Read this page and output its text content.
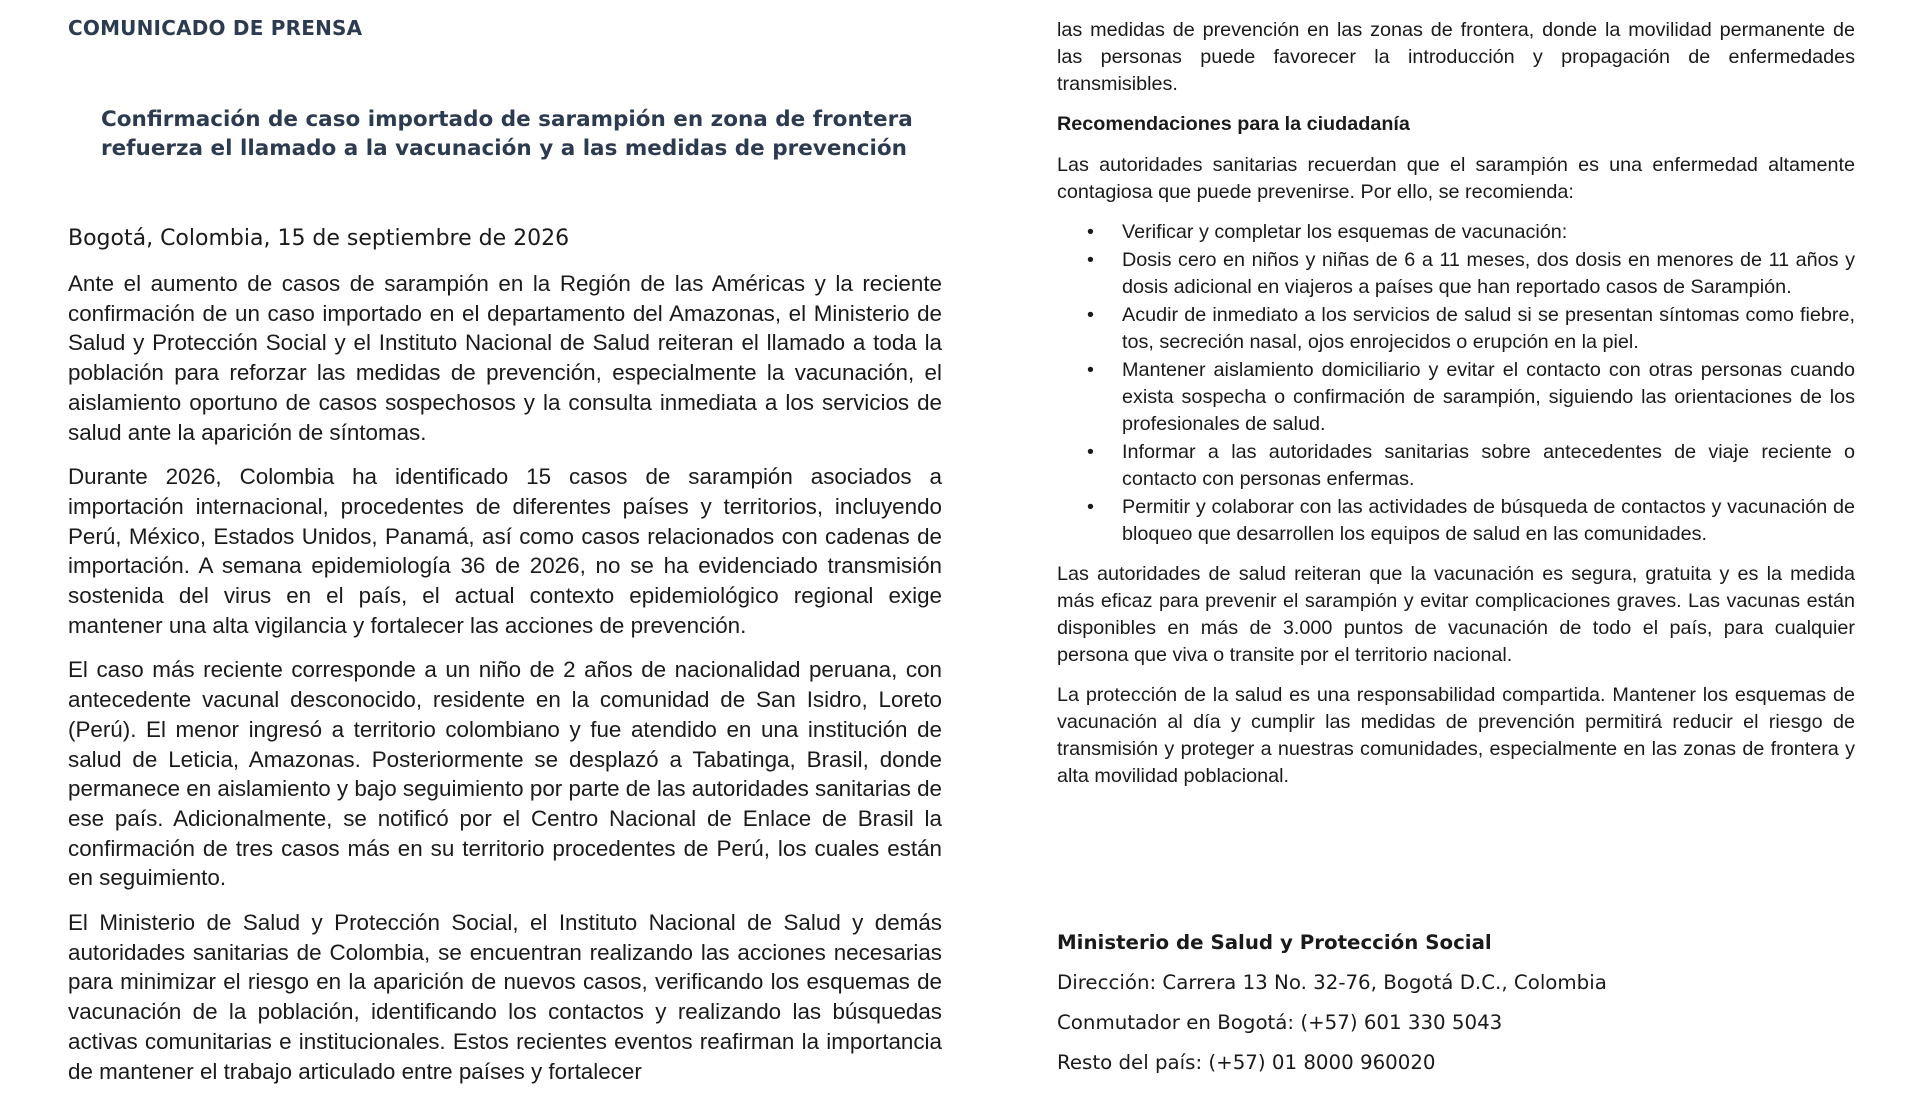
COMUNICADO DE PRENSA

Confirmación de caso importado de sarampión en zona de frontera
refuerza el llamado a la vacunación y a las medidas de prevención

Bogotá, Colombia, 15 de septiembre de 2026

Ante el aumento de casos de sarampión en la Región de las Américas y la reciente confirmación de un caso importado en el departamento del Amazonas, el Ministerio de Salud y Protección Social y el Instituto Nacional de Salud reiteran el llamado a toda la población para reforzar las medidas de prevención, especialmente la vacunación, el aislamiento oportuno de casos sospechosos y la consulta inmediata a los servicios de salud ante la aparición de síntomas.

Durante 2026, Colombia ha identificado 15 casos de sarampión asociados a importación internacional, procedentes de diferentes países y territorios, incluyendo Perú, México, Estados Unidos, Panamá, así como casos relacionados con cadenas de importación. A semana epidemiología 36 de 2026, no se ha evidenciado transmisión sostenida del virus en el país, el actual contexto epidemiológico regional exige mantener una alta vigilancia y fortalecer las acciones de prevención.

El caso más reciente corresponde a un niño de 2 años de nacionalidad peruana, con antecedente vacunal desconocido, residente en la comunidad de San Isidro, Loreto (Perú). El menor ingresó a territorio colombiano y fue atendido en una institución de salud de Leticia, Amazonas. Posteriormente se desplazó a Tabatinga, Brasil, donde permanece en aislamiento y bajo seguimiento por parte de las autoridades sanitarias de ese país. Adicionalmente, se notificó por el Centro Nacional de Enlace de Brasil la confirmación de tres casos más en su territorio procedentes de Perú, los cuales están en seguimiento.

El Ministerio de Salud y Protección Social, el Instituto Nacional de Salud y demás autoridades sanitarias de Colombia, se encuentran realizando las acciones necesarias para minimizar el riesgo en la aparición de nuevos casos, verificando los esquemas de vacunación de la población, identificando los contactos y realizando las búsquedas activas comunitarias e institucionales. Estos recientes eventos reafirman la importancia de mantener el trabajo articulado entre países y fortalecer

las medidas de prevención en las zonas de frontera, donde la movilidad permanente de las personas puede favorecer la introducción y propagación de enfermedades transmisibles.

Recomendaciones para la ciudadanía

Las autoridades sanitarias recuerdan que el sarampión es una enfermedad altamente contagiosa que puede prevenirse. Por ello, se recomienda:

• Verificar y completar los esquemas de vacunación:
• Dosis cero en niños y niñas de 6 a 11 meses, dos dosis en menores de 11 años y dosis adicional en viajeros a países que han reportado casos de Sarampión.
• Acudir de inmediato a los servicios de salud si se presentan síntomas como fiebre, tos, secreción nasal, ojos enrojecidos o erupción en la piel.
• Mantener aislamiento domiciliario y evitar el contacto con otras personas cuando exista sospecha o confirmación de sarampión, siguiendo las orientaciones de los profesionales de salud.
• Informar a las autoridades sanitarias sobre antecedentes de viaje reciente o contacto con personas enfermas.
• Permitir y colaborar con las actividades de búsqueda de contactos y vacunación de bloqueo que desarrollen los equipos de salud en las comunidades.

Las autoridades de salud reiteran que la vacunación es segura, gratuita y es la medida más eficaz para prevenir el sarampión y evitar complicaciones graves. Las vacunas están disponibles en más de 3.000 puntos de vacunación de todo el país, para cualquier persona que viva o transite por el territorio nacional.

La protección de la salud es una responsabilidad compartida. Mantener los esquemas de vacunación al día y cumplir las medidas de prevención permitirá reducir el riesgo de transmisión y proteger a nuestras comunidades, especialmente en las zonas de frontera y alta movilidad poblacional.

Ministerio de Salud y Protección Social

Dirección: Carrera 13 No. 32-76, Bogotá D.C., Colombia

Conmutador en Bogotá: (+57) 601 330 5043

Resto del país: (+57) 01 8000 960020
